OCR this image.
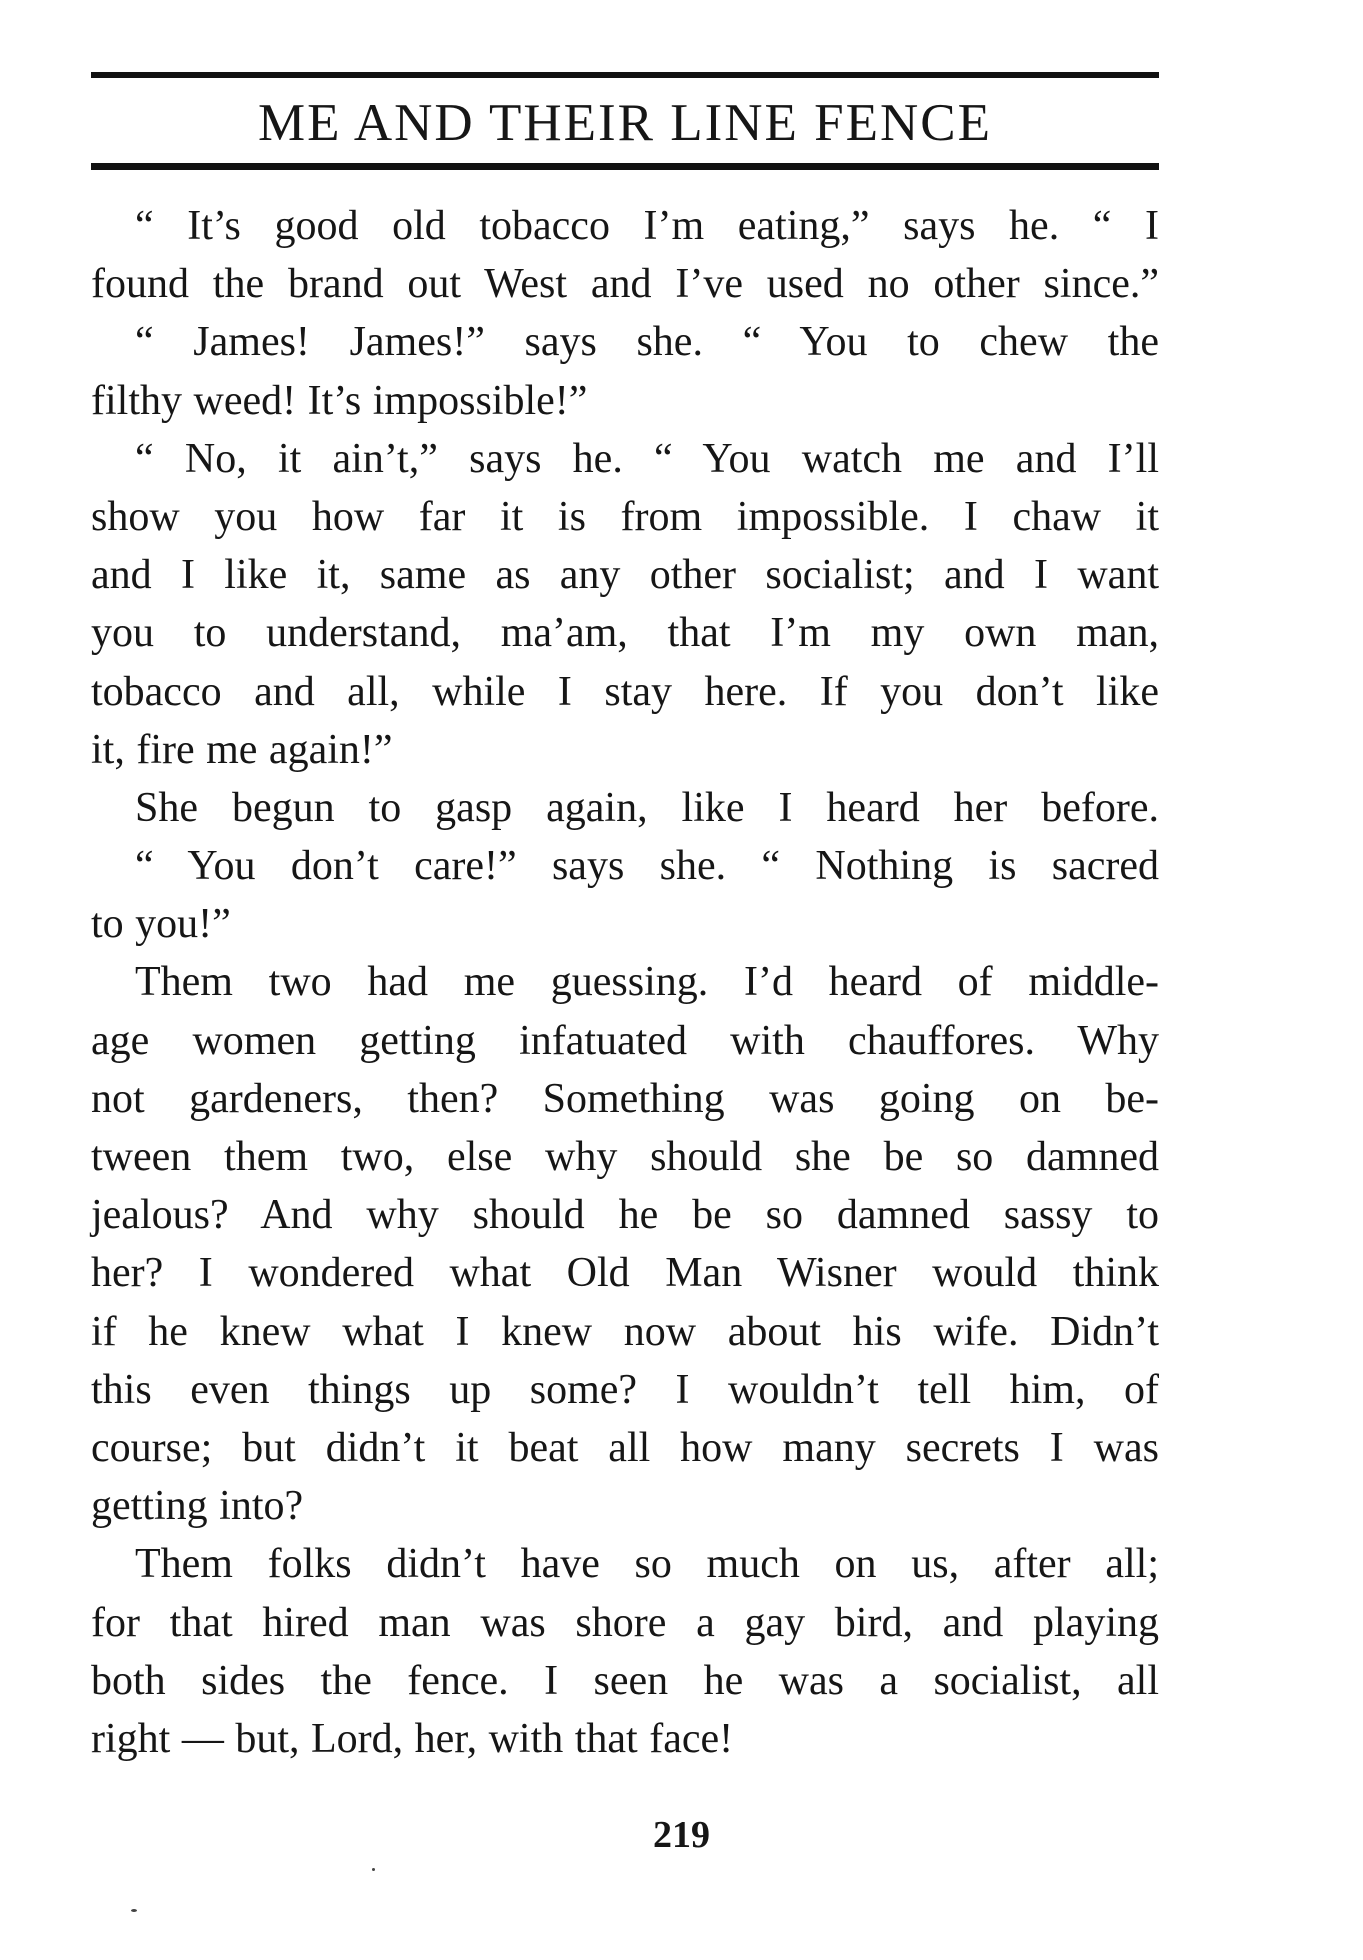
ME AND THEIR LINE FENCE
“ It’s good old tobacco I’m eating,” says he. “ I
found the brand out West and I’ve used no other since.”
“ James! James!” says she. “ You to chew the
filthy weed! It’s impossible!”
“ No, it ain’t,” says he. “ You watch me and I’ll
show you how far it is from impossible. I chaw it
and I like it, same as any other socialist; and I want
you to understand, ma’am, that I’m my own man,
tobacco and all, while I stay here. If you don’t like
it, fire me again!”
She begun to gasp again, like I heard her before.
“ You don’t care!” says she. “ Nothing is sacred
to you!”
Them two had me guessing. I’d heard of middle-
age women getting infatuated with chauffores. Why
not gardeners, then? Something was going on be-
tween them two, else why should she be so damned
jealous? And why should he be so damned sassy to
her? I wondered what Old Man Wisner would think
if he knew what I knew now about his wife. Didn’t
this even things up some? I wouldn’t tell him, of
course; but didn’t it beat all how many secrets I was
getting into?
Them folks didn’t have so much on us, after all;
for that hired man was shore a gay bird, and playing
both sides the fence. I seen he was a socialist, all
right — but, Lord, her, with that face!
219
